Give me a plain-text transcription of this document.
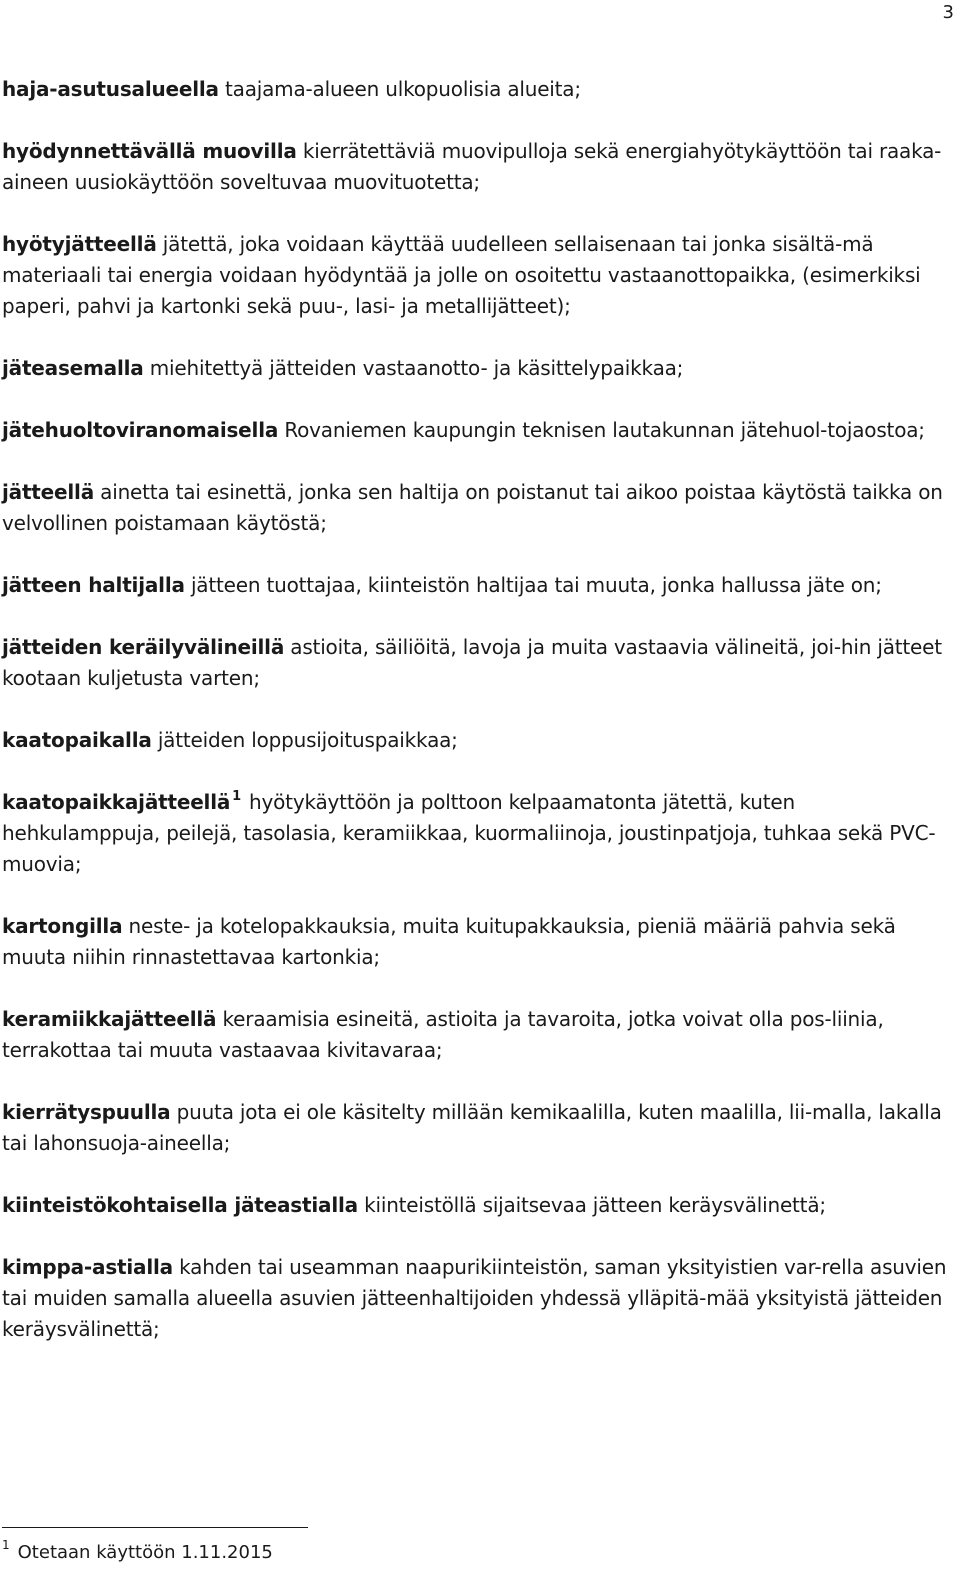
3

haja-asutusalueella taajama-alueen ulkopuolisia alueita;

hyödynnettävällä muovilla kierrätettäviä muovipulloja sekä energiahyötykäyttöön tai raaka-aineen uusiokäyttöön soveltuvaa muovituotetta;

hyötyjätteellä jätettä, joka voidaan käyttää uudelleen sellaisenaan tai jonka sisältä-mä materiaali tai energia voidaan hyödyntää ja jolle on osoitettu vastaanottopaikka, (esimerkiksi paperi, pahvi ja kartonki sekä puu-, lasi- ja metallijätteet);

jäteasemalla miehitettyä jätteiden vastaanotto- ja käsittelypaikkaa;

jätehuoltoviranomaisella Rovaniemen kaupungin teknisen lautakunnan jätehuol-tojaostoa;

jätteellä ainetta tai esinettä, jonka sen haltija on poistanut tai aikoo poistaa käytöstä taikka on velvollinen poistamaan käytöstä;

jätteen haltijalla jätteen tuottajaa, kiinteistön haltijaa tai muuta, jonka hallussa jäte on;

jätteiden keräilyvälineillä astioita, säiliöitä, lavoja ja muita vastaavia välineitä, joi-hin jätteet kootaan kuljetusta varten;

kaatopaikalla jätteiden loppusijoituspaikkaa;

kaatopaikkajätteellä $^1$ hyötykäyttöön ja polttoon kelpaamatonta jätettä, kuten hehkulamppuja, peilejä, tasolasia, keramiikkaa, kuormaliinoja, joustinpatjoja, tuhkaa sekä PVC-muovia;

kartongilla neste- ja kotelopakkauksia, muita kuitupakkauksia, pieniä määriä pahvia sekä muuta niihin rinnastettavaa kartonkia;

keramiikkajätteellä keraamisia esineitä, astioita ja tavaroita, jotka voivat olla pos-liinia, terrakottaa tai muuta vastaavaa kivitavaraa;

kierrätyspuulla puuta jota ei ole käsitelty millään kemikaalilla, kuten maalilla, lii-malla, lakalla tai lahonsuoja-aineella;

kiinteistökohtaisella jäteastialla kiinteistöllä sijaitsevaa jätteen keräysvälinettä;

kimppa-astialla kahden tai useamman naapurikiinteistön, saman yksityistien var-rella asuvien tai muiden samalla alueella asuvien jätteenhaltijoiden yhdessä ylläpitä-mää yksityistä jätteiden keräysvälinettä;

$^1$ Otetaan käyttöön 1.11.2015
